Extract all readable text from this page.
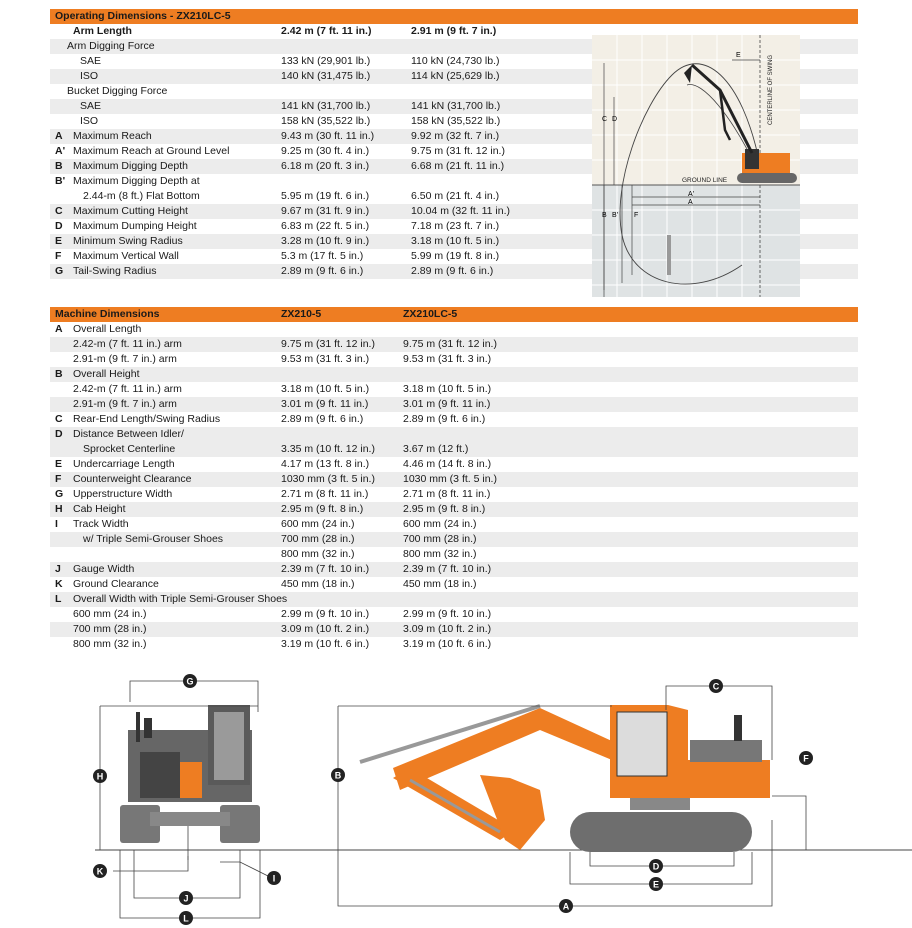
Operating Dimensions - ZX210LC-5
Arm Length	2.42 m (7 ft. 11 in.)	2.91 m (9 ft. 7 in.)
Arm Digging Force
SAE	133 kN (29,901 lb.)	110 kN (24,730 lb.)
ISO	140 kN (31,475 lb.)	114 kN (25,629 lb.)
Bucket Digging Force
SAE	141 kN (31,700 lb.)	141 kN (31,700 lb.)
ISO	158 kN (35,522 lb.)	158 kN (35,522 lb.)
A Maximum Reach	9.43 m (30 ft. 11 in.)	9.92 m (32 ft. 7 in.)
A' Maximum Reach at Ground Level	9.25 m (30 ft. 4 in.)	9.75 m (31 ft. 12 in.)
B Maximum Digging Depth	6.18 m (20 ft. 3 in.)	6.68 m (21 ft. 11 in.)
B' Maximum Digging Depth at
2.44-m (8 ft.) Flat Bottom	5.95 m (19 ft. 6 in.)	6.50 m (21 ft. 4 in.)
C Maximum Cutting Height	9.67 m (31 ft. 9 in.)	10.04 m (32 ft. 11 in.)
D Maximum Dumping Height	6.83 m (22 ft. 5 in.)	7.18 m (23 ft. 7 in.)
E	Minimum Swing Radius	3.28 m (10 ft. 9 in.)	3.18 m (10 ft. 5 in.)
F	Maximum Vertical Wall	5.3 m (17 ft. 5 in.)	5.99 m (19 ft. 8 in.)
G Tail-Swing Radius	2.89 m (9 ft. 6 in.)	2.89 m (9 ft. 6 in.)
Machine Dimensions	ZX210-5	ZX210LC-5
A Overall Length
2.42-m (7 ft. 11 in.) arm	9.75 m (31 ft. 12 in.)	9.75 m (31 ft. 12 in.)
2.91-m (9 ft. 7 in.) arm	9.53 m (31 ft. 3 in.)	9.53 m (31 ft. 3 in.)
B Overall Height
2.42-m (7 ft. 11 in.) arm	3.18 m (10 ft. 5 in.)	3.18 m (10 ft. 5 in.)
2.91-m (9 ft. 7 in.) arm	3.01 m (9 ft. 11 in.)	3.01 m (9 ft. 11 in.)
C Rear-End Length/Swing Radius	2.89 m (9 ft. 6 in.)	2.89 m (9 ft. 6 in.)
D Distance Between Idler/
Sprocket Centerline	3.35 m (10 ft. 12 in.)	3.67 m (12 ft.)
E	Undercarriage Length	4.17 m (13 ft. 8 in.)	4.46 m (14 ft. 8 in.)
F	Counterweight Clearance	1030 mm (3 ft. 5 in.)	1030 mm (3 ft. 5 in.)
G Upperstructure Width	2.71 m (8 ft. 11 in.)	2.71 m (8 ft. 11 in.)
H Cab Height	2.95 m (9 ft. 8 in.)	2.95 m (9 ft. 8 in.)
I	Track Width	600 mm (24 in.)	600 mm (24 in.)
w/ Triple Semi-Grouser Shoes	700 mm (28 in.)	700 mm (28 in.)
800 mm (32 in.)	800 mm (32 in.)
J	Gauge Width	2.39 m (7 ft. 10 in.)	2.39 m (7 ft. 10 in.)
K Ground Clearance	450 mm (18 in.)	450 mm (18 in.)
L	Overall Width with Triple Semi-Grouser Shoes
600 mm (24 in.)	2.99 m (9 ft. 10 in.)	2.99 m (9 ft. 10 in.)
700 mm (28 in.)	3.09 m (10 ft. 2 in.)	3.09 m (10 ft. 2 in.)
800 mm (32 in.)	3.19 m (10 ft. 6 in.)	3.19 m (10 ft. 6 in.)
GROUND LINE
CENTERLINE OF SWING
C D
E
A'
A
B B' F
G
H
K
I
J
L
B
C
F
D
E
A
